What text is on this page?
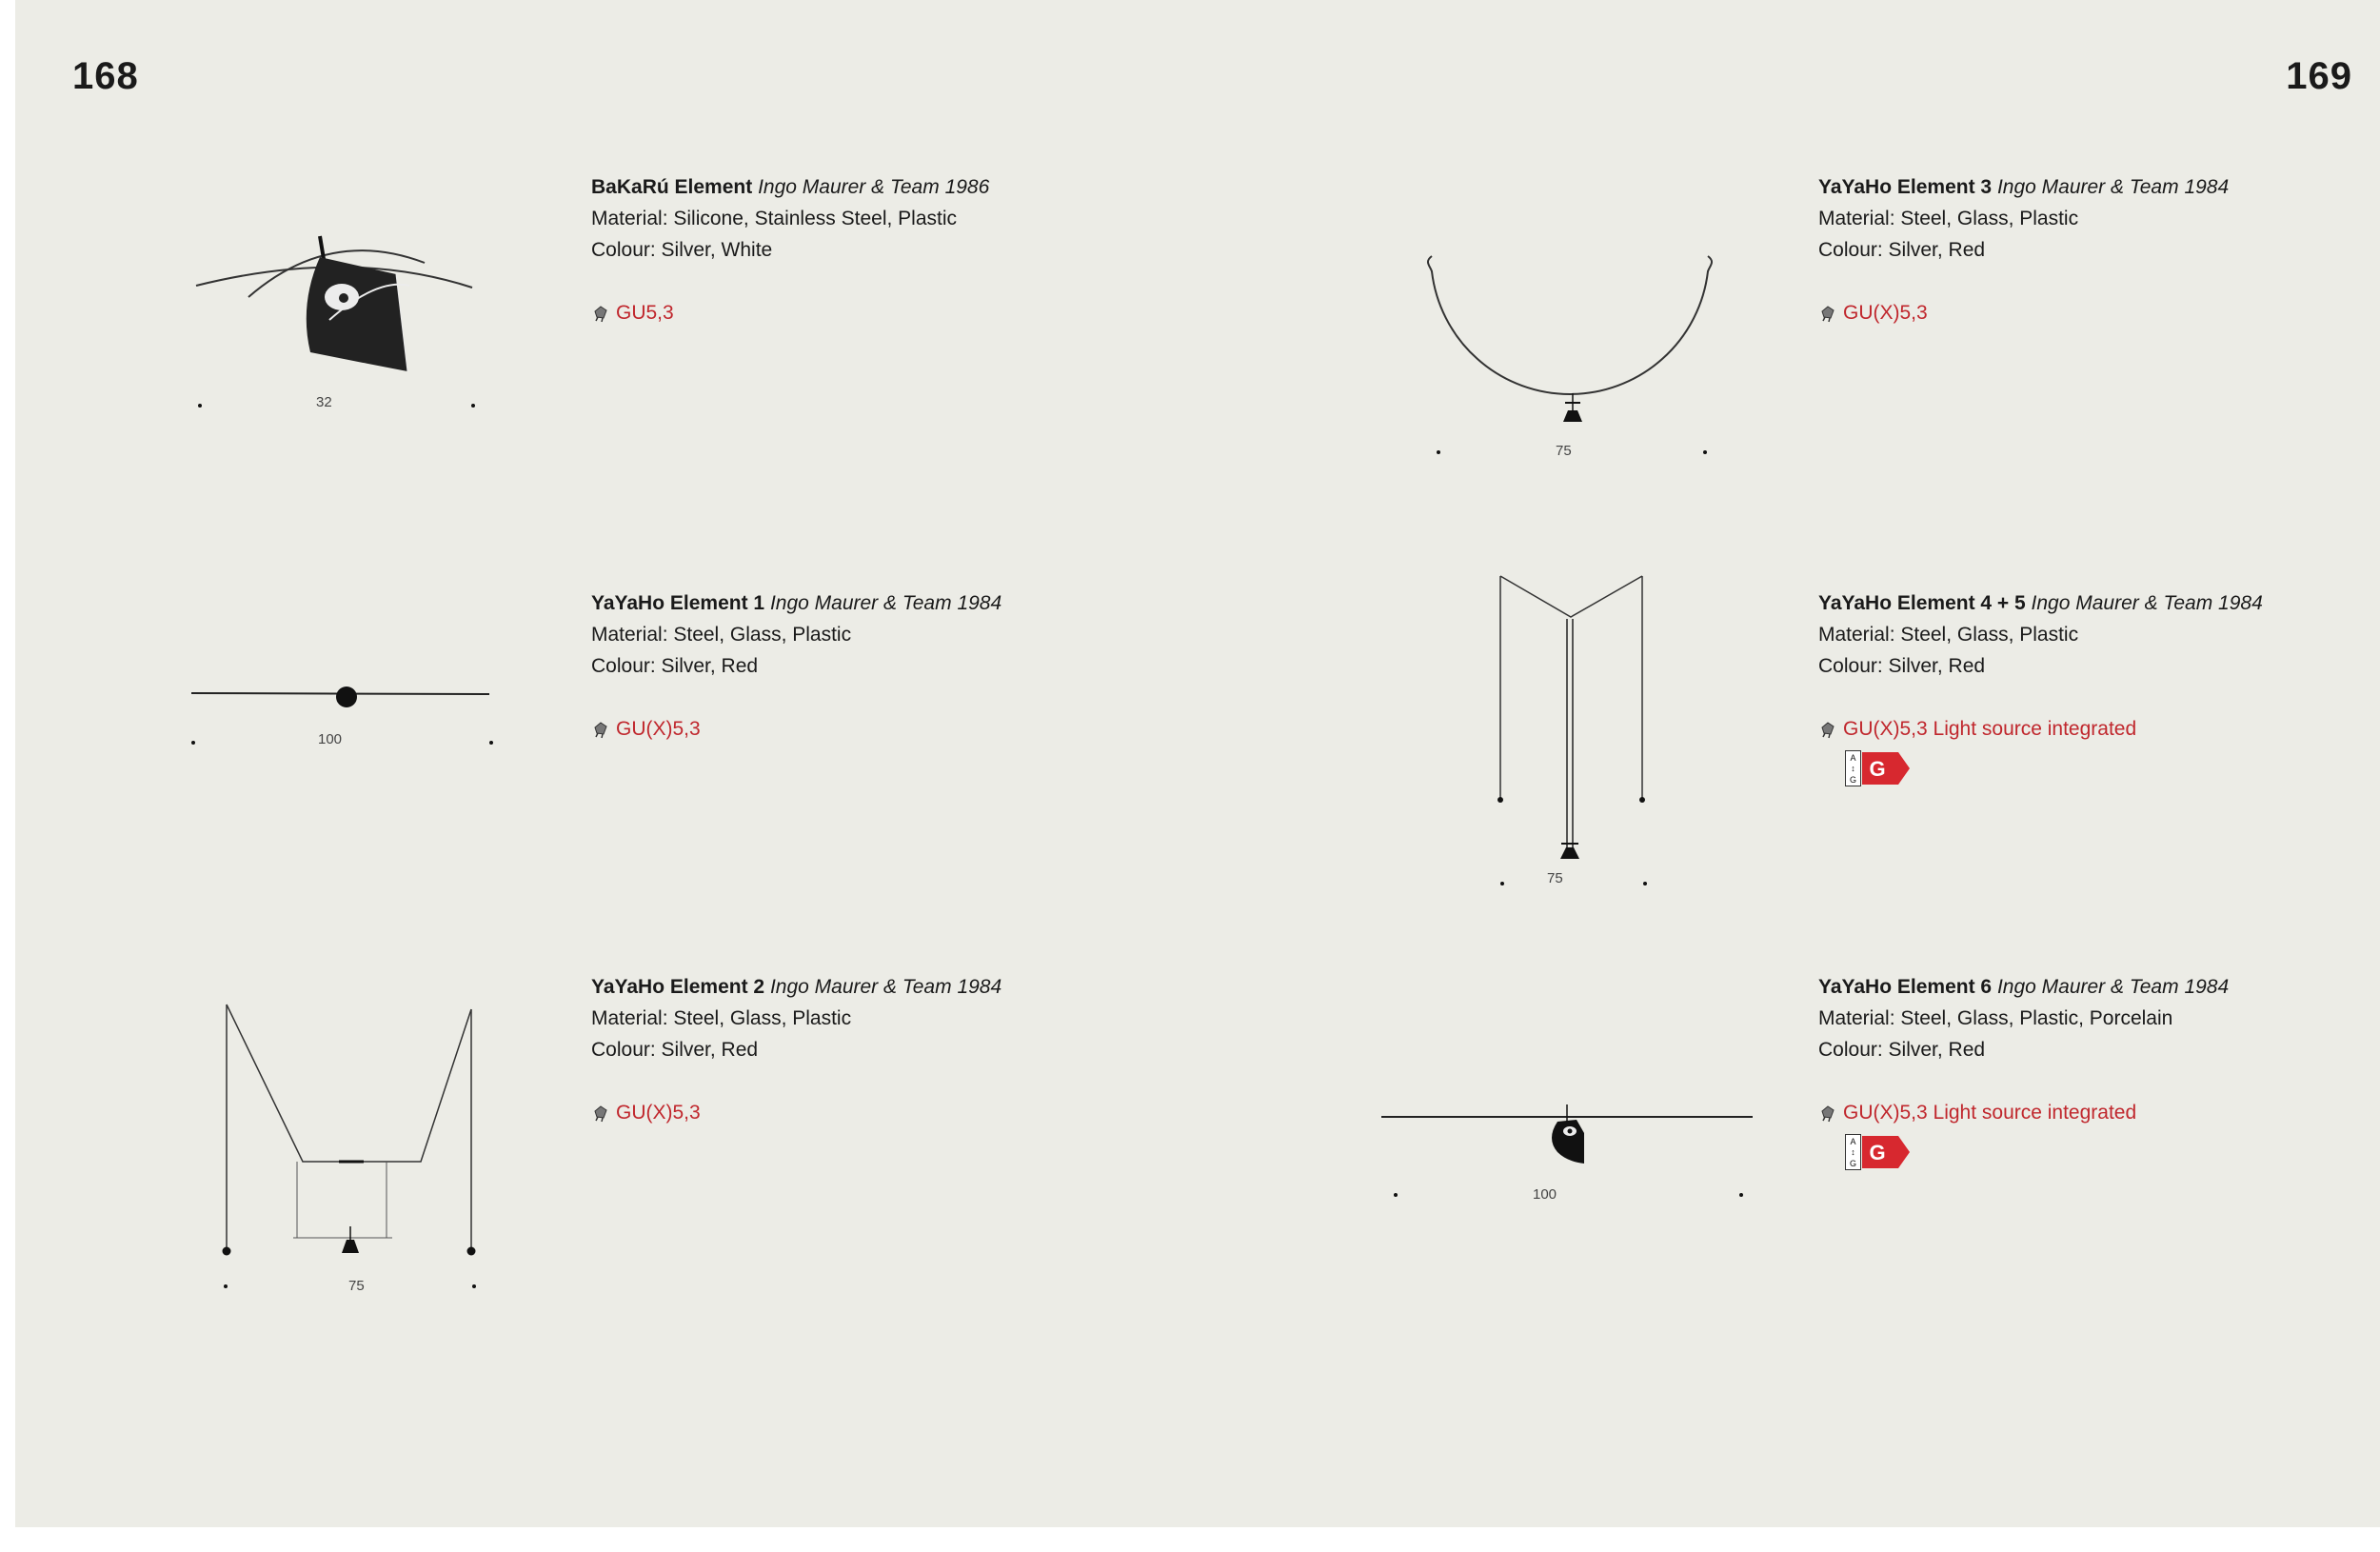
168	169
32
100
75
75
75
100
BaKaRú Element Ingo Maurer & Team 1986
Material: Silicone, Stainless Steel, Plastic
Colour: Silver, White
GU5,3
YaYaHo Element 1 Ingo Maurer & Team 1984
Material: Steel, Glass, Plastic
Colour: Silver, Red
GU(X)5,3
YaYaHo Element 2 Ingo Maurer & Team 1984
Material: Steel, Glass, Plastic
Colour: Silver, Red
GU(X)5,3
YaYaHo Element 3 Ingo Maurer & Team 1984
Material: Steel, Glass, Plastic
Colour: Silver, Red
GU(X)5,3
YaYaHo Element 4 + 5 Ingo Maurer & Team 1984
Material: Steel, Glass, Plastic
Colour: Silver, Red
GU(X)5,3 Light source integrated
A
↕
G G
YaYaHo Element 6 Ingo Maurer & Team 1984
Material: Steel, Glass, Plastic, Porcelain
Colour: Silver, Red
GU(X)5,3 Light source integrated
A
↕
G G
